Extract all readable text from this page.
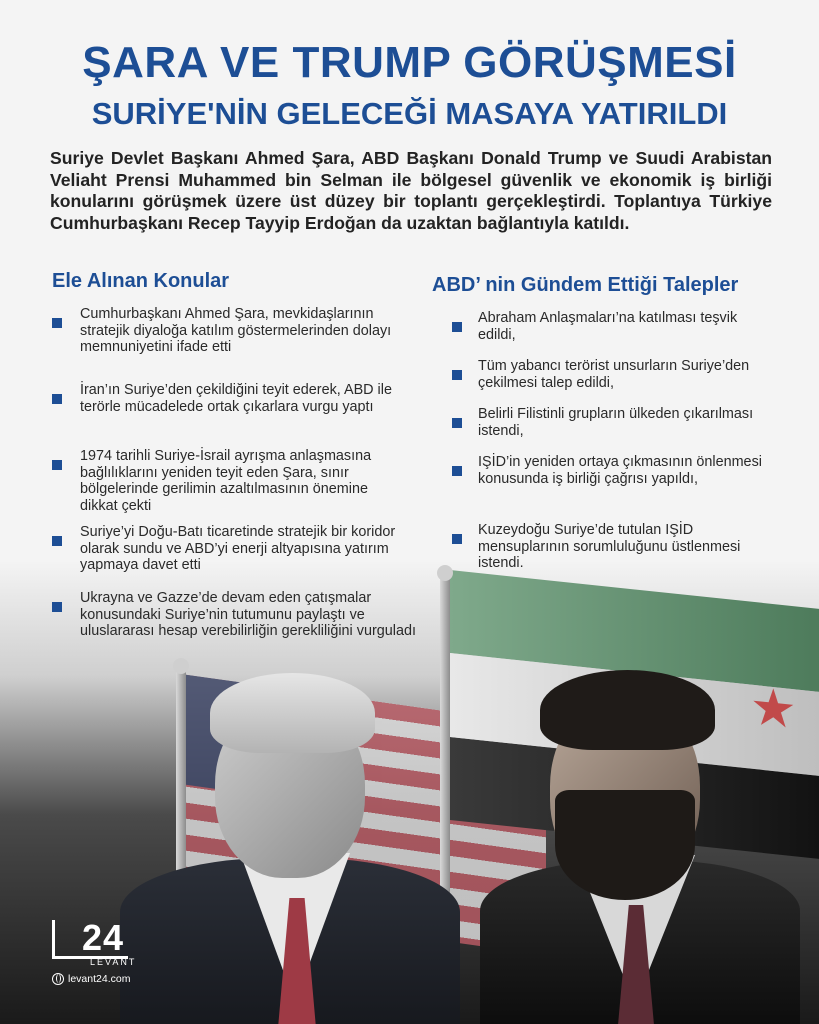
★
ŞARA VE TRUMP GÖRÜŞMESİ
SURİYE'NİN GELECEĞİ MASAYA YATIRILDI
Suriye Devlet Başkanı Ahmed Şara, ABD Başkanı Donald Trump ve Suudi Arabistan Veliaht Prensi Muhammed bin Selman ile bölgesel güvenlik ve ekonomik iş birliği konularını görüşmek üzere üst düzey bir toplantı gerçekleştirdi. Toplantıya Türkiye Cumhurbaşkanı Recep Tayyip Erdoğan da uzaktan bağlantıyla katıldı.
Ele Alınan Konular
Cumhurbaşkanı Ahmed Şara, mevkidaşlarının stratejik diyaloğa katılım göstermelerinden dolayı memnuniyetini ifade etti
İran’ın Suriye’den çekildiğini teyit ederek, ABD ile terörle mücadelede ortak çıkarlara vurgu yaptı
1974 tarihli Suriye-İsrail ayrışma anlaşmasına bağlılıklarını yeniden teyit eden Şara, sınır bölgelerinde gerilimin azaltılmasının önemine dikkat çekti
Suriye’yi Doğu-Batı ticaretinde stratejik bir koridor olarak sundu ve ABD’yi enerji altyapısına yatırım yapmaya davet etti
Ukrayna ve Gazze’de devam eden çatışmalar konusundaki Suriye’nin tutumunu paylaştı ve uluslararası hesap verebilirliğin gerekliliğini vurguladı
ABD’ nin Gündem Ettiği Talepler
Abraham Anlaşmaları’na katılması teşvik edildi,
Tüm yabancı terörist unsurların Suriye’den çekilmesi talep edildi,
Belirli Filistinli grupların ülkeden çıkarılması istendi,
IŞİD’in yeniden ortaya çıkmasının önlenmesi konusunda iş birliği çağrısı yapıldı,
Kuzeydoğu Suriye’de tutulan IŞİD mensuplarının sorumluluğunu üstlenmesi istendi.
24
LEVANT
levant24.com
